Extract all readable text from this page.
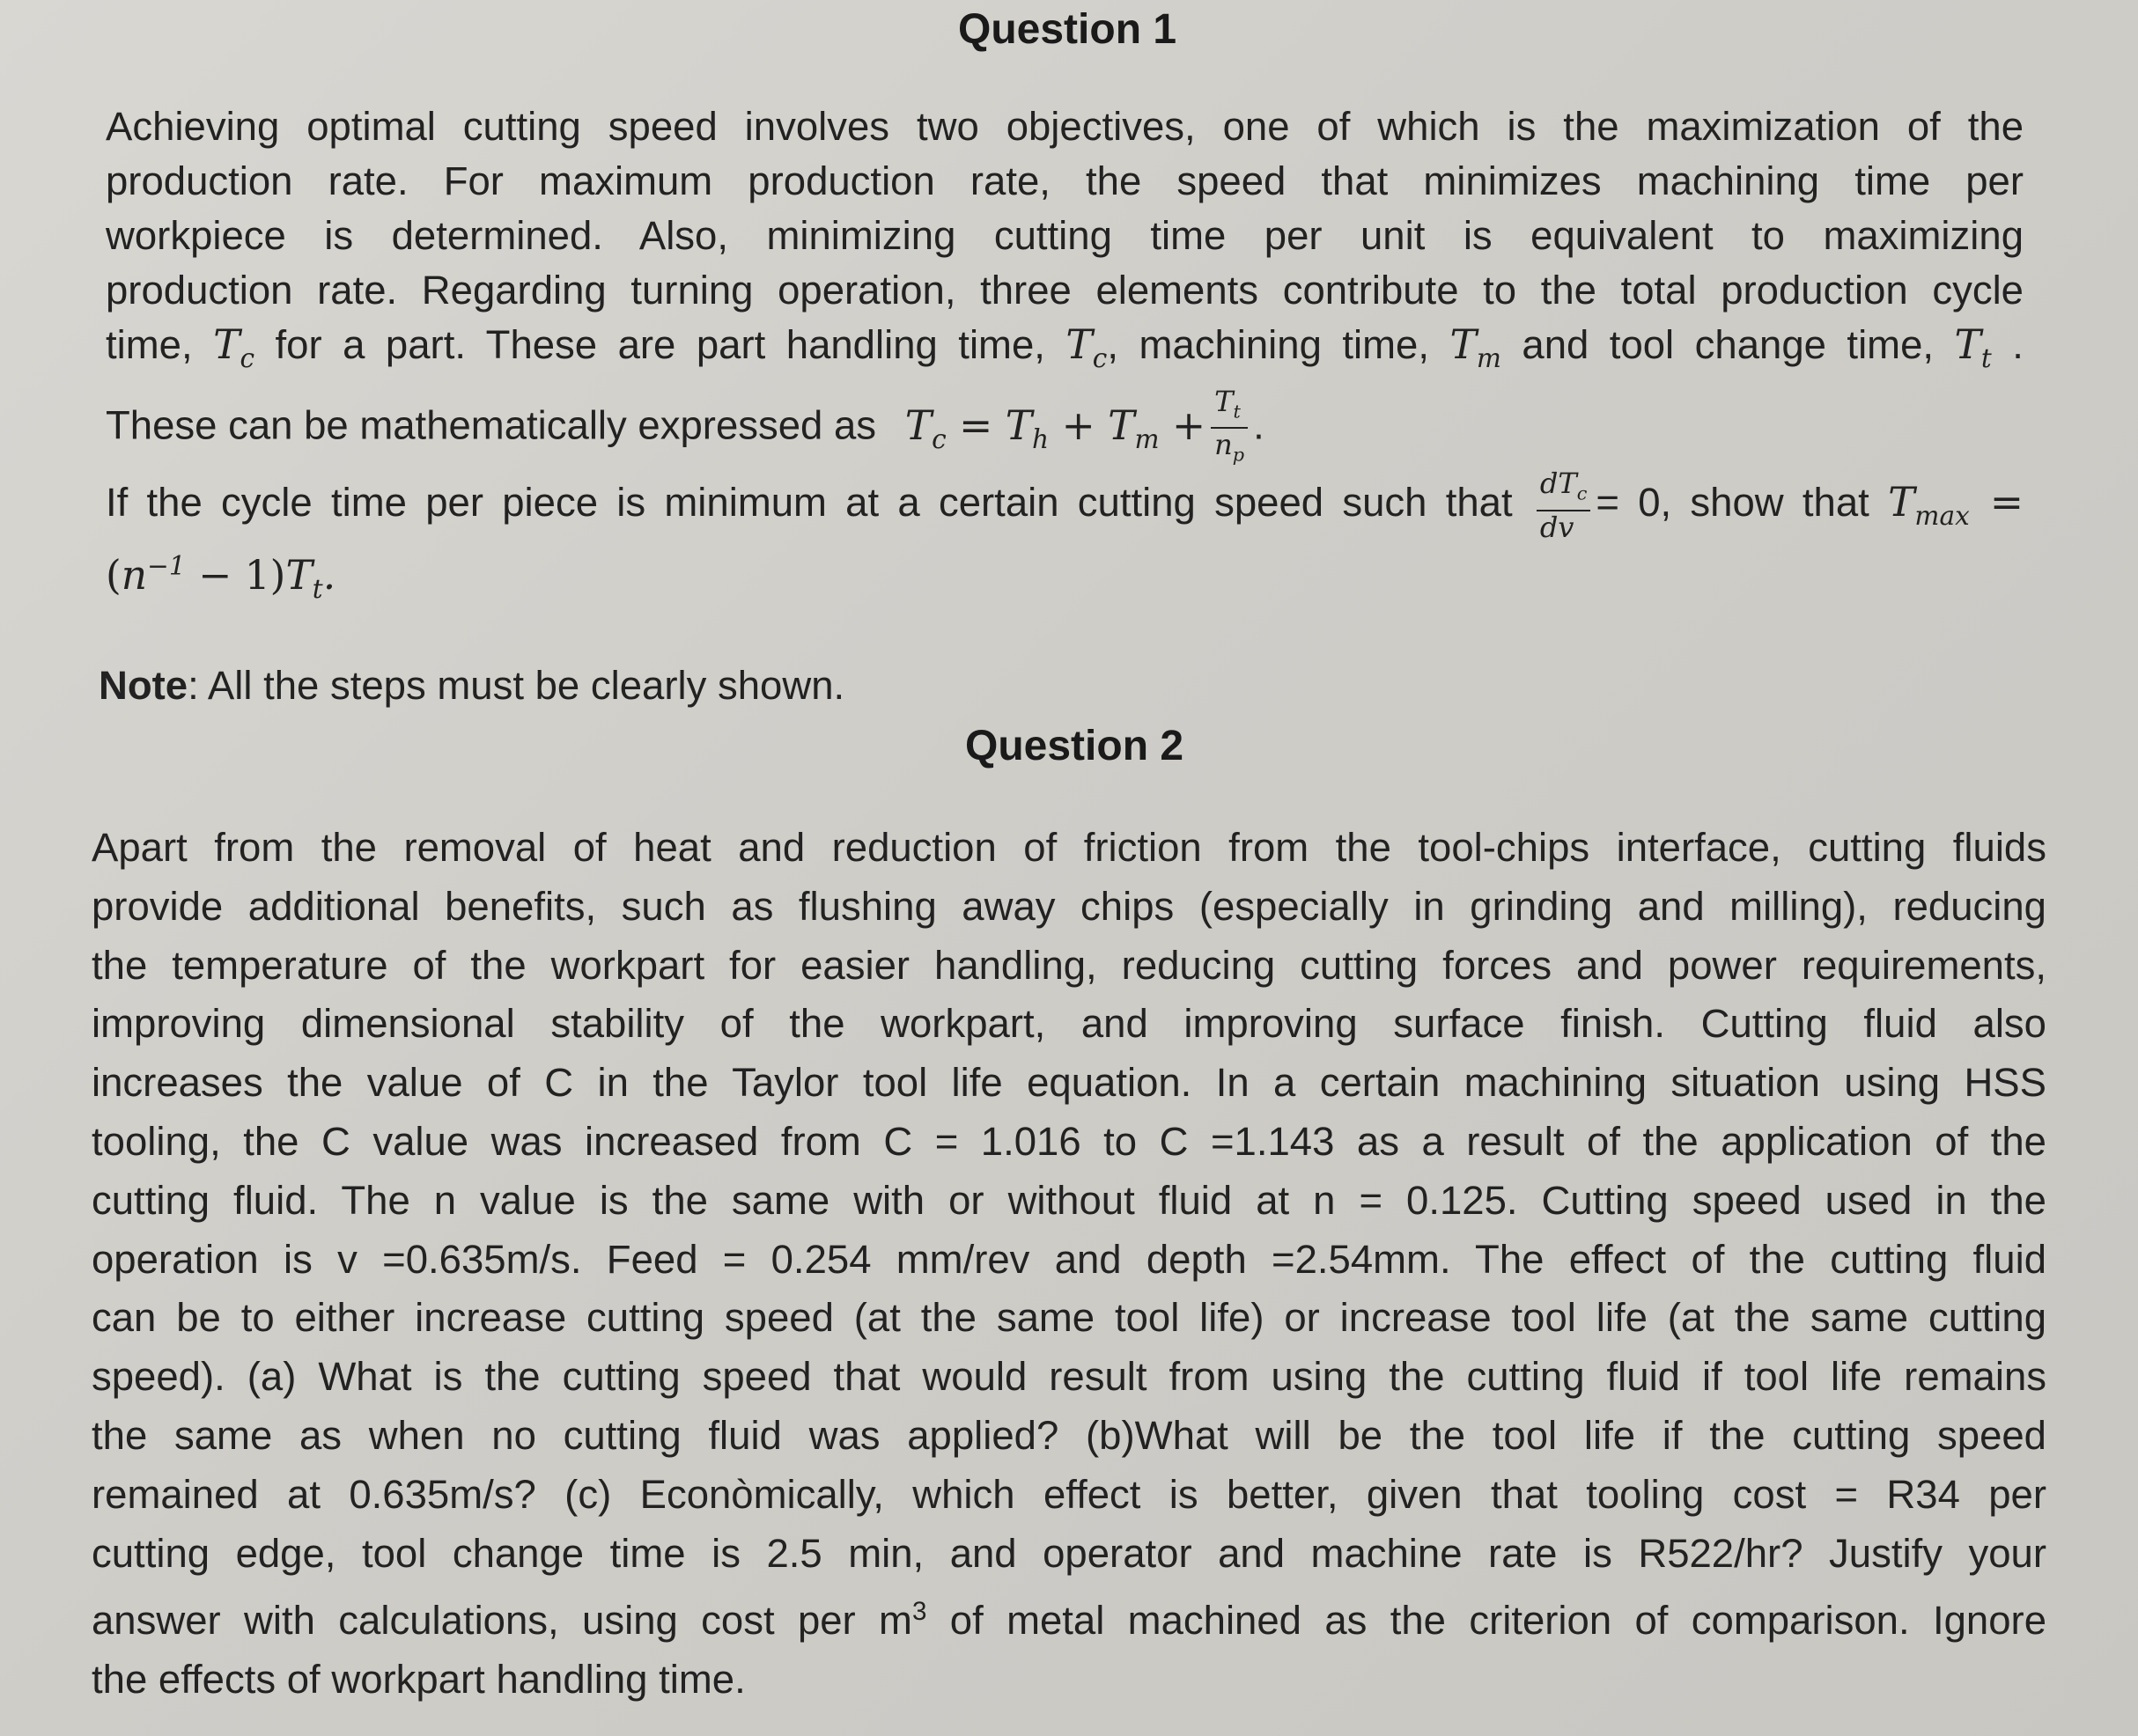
Question 1
Achieving optimal cutting speed involves two objectives, one of which is the maximization of the
production rate. For maximum production rate, the speed that minimizes machining time per
workpiece is determined. Also, minimizing cutting time per unit is equivalent to maximizing
production rate. Regarding turning operation, three elements contribute to the total production cycle
time, $T_c$ for a part. These are part handling time, $T_c$, machining time, $T_m$ and tool change time, $T_t$ .
These can be mathematically expressed as $T_c = T_h + T_m + \frac{T_t}{n_p}$ .
If the cycle time per piece is minimum at a certain cutting speed such that $\frac{dT_c}{dv} = 0$, show that $T_{max}$ =
$(n^{-1} - 1)T_t$.
Note: All the steps must be clearly shown.
Question 2
Apart from the removal of heat and reduction of friction from the tool-chips interface, cutting fluids
provide additional benefits, such as flushing away chips (especially in grinding and milling), reducing
the temperature of the workpart for easier handling, reducing cutting forces and power requirements,
improving dimensional stability of the workpart, and improving surface finish. Cutting fluid also
increases the value of C in the Taylor tool life equation. In a certain machining situation using HSS
tooling, the C value was increased from C = 1.016 to C =1.143 as a result of the application of the
cutting fluid. The n value is the same with or without fluid at n = 0.125. Cutting speed used in the
operation is v =0.635m/s. Feed = 0.254 mm/rev and depth =2.54mm. The effect of the cutting fluid
can be to either increase cutting speed (at the same tool life) or increase tool life (at the same cutting
speed). (a) What is the cutting speed that would result from using the cutting fluid if tool life remains
the same as when no cutting fluid was applied? (b)What will be the tool life if the cutting speed
remained at 0.635m/s? (c) Econòmically, which effect is better, given that tooling cost = R34 per
cutting edge, tool change time is 2.5 min, and operator and machine rate is R522/hr? Justify your
answer with calculations, using cost per $m^3$ of metal machined as the criterion of comparison. Ignore
the effects of workpart handling time.
